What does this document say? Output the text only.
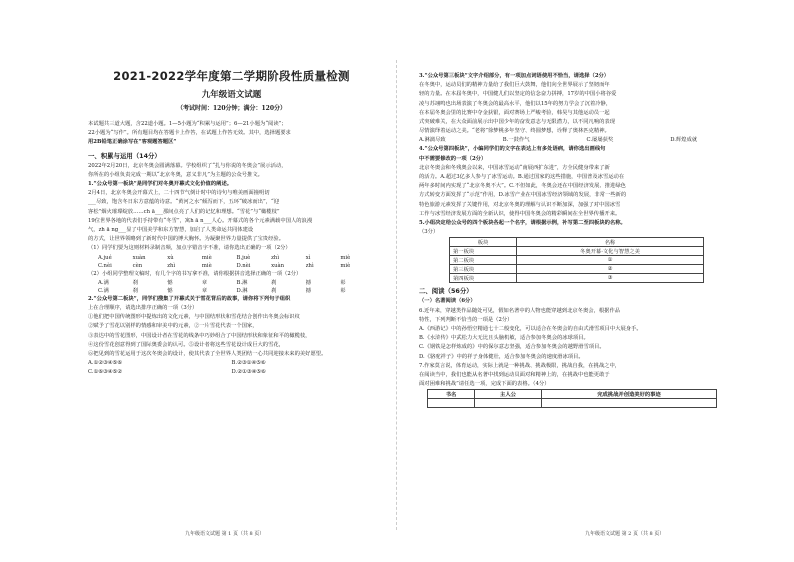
2021-2022学年度第二学期阶段性质量检测
九年级语文试题
（考试时间：120分钟；满分：120分）

本试题共三道大题，含22道小题。1—5小题为“积累与运用”；6—21小题为“阅读”；

22小题为“写作”。所有题目均在答题卡上作答，在试题上作答无效。其中，选择题要求

用2B铅笔正确涂写在“客观题答题区”

一、积累与运用（14分）

2022年2月20日，北京冬奥会圆满落幕。学校组织了“扎与你说的冬奥会”展示活动，

你所在的小组负责完成一期以“北京冬奥，意义非凡”为主题的公众号推文。

1.“公众号第一板块”是同学们对冬奥开幕式文化价值的阐述。

2月4日，北京冬奥会开幕式上，二十四节气倒计时中的诗句与唯美画面撞明切

___尽致，饱含冬日东方意蕴的诗意。“黄河之水”倾泻而下，五环“破冰而出”，“迎

客松”烟火璀璨绽放……ch ā___那间点亮了人们的记忆和理想。“雪花”与“橄榄枝”

19位世界各地的代表们手持带有“冬雪”，寓h ā n___人心。开幕式的各个元素满载中国人的浪漫

气，zh ā ng___显了中国美学和东方智慧，加启了人类命运共同体建设

的方式，让世界领略到了新时代中国的博大胸怀。为凝聚世界力量提供了宝贵经验。

（1）同学们要为这则材料录制音频，加点字错音字不准，请你选出正确的一项（2分）

A.jué	xuàn	xù	miè	B.juè	zhì	xì	miè
C.nèi	cèn	zhì	miè	D.nèi	xuàn	zhì	miè

（2）小组同学整理文稿时，有几个字的书写拿不准，请你根据拼音选择正确的一项（2分）

A.满	刹	憾	章	B.淋	刹	撼	彰
C.满	刹	憾	章	D.淋	刹	撼	彰

2.“公众号第二板块”，同学们搜集了开幕式关于雪花背后的故事，请你将下列句子组织

上在合理顺序，请选出排序正确的一项（3分）

①他们把中国传统图形中提炼出的文化元素，与中国结形状和雪花结合创作出冬奥会标识纹

②赋予了雪花以别样的情感和审美中的元素，②一片雪花代表一个国家，

③表达中的雪花图形，中国设计者在雪花的线条中巧妙组合了中国结形状和象征和平的橄榄枝，

④这份雪花创意得到了国际奥委会的认可。⑤设计者将这些雪花设计成巨大的雪花，

⑥把见到的雪花运用于这次冬奥会的设计，使其代表了全世界人类团结一心共同迎接未来的美好愿望。

A.①②③④⑤⑥	B.②③①④⑤⑥
C.①⑥③④⑤②	D.②①③④⑤⑥
九年级语文试题 第 1 页（共 8 页）

3.“公众号第三板块”文字介绍部分，有一项加点词语使用不恰当，请选择（2分）

在冬奥中，运动员们的精神力量给了我们巨大鼓舞，他们向全世界展示了坚韧而年

轻的力量。在本届冬奥中，中国健儿们以坚定的信念奋力拼搏，17岁的中国小将谷爱

凌与苏翊鸣也出场表演了冬奥会的最高水平，他们以15年的努力学会了沉着冷静，

在本届冬奥会里的比赛中夺金获银，面对赛场上严峻考验，韩昊与其他运动员一起

式突破难关，在大众面前展示出中国少年的奋发意志与无限潜力，以不同凡响的表现

尽情演绎着运动之美。“老将”徐梦桃多年坚守、终圆梦想，诠释了奥林匹克精神。

A.淋漓尽致	B.一鼓作气	C.屡屡获奖	D.辉煌成就

4.“公众号第四板块”，小编同学们的文字在表达上有多处语病，请你选出画线句

中不需要修改的一项（2分）

北京冬奥会和冬残奥会以来，中国冰雪运动“南展西扩东进”，方全民健身带来了新

的活力。A.超过3亿多人参与了冰雪运动。B.通过国家的这些措施，中国普及冰雪运动在

两年多时间内实现了“北京冬奥不大”。C.不但如此，冬奥会还在中国经济发展、推进绿色

方式转变方面发挥了“示范”作用，D.冰雪产业在中国冰雪经济领域的发展，非常一些新的

特色旅游元素发挥了关键作用，对北京冬奥的理解与认识不断加深，加强了对中国冰雪

工作与冰雪经济发展方面的全新认识，使得中国冬奥会的精彩瞬间在全世界传播开来。

5.小组决定给公众号的四个板块各起一个名字，请根据示例，补写第二至四板块的名称。

（3分）

板块	名称
第一板块	冬奥开幕·文化与智慧之美
第二板块	①
第三板块	②
第四板块	③
二、阅读（56分）

（一）名著阅读（6分）

6.近年来，穿越类作品随处可见，假如名著中的人物也能穿越到北京冬奥会，根据作品

特性，下列判断不恰当的一项是（2分）

A.《西游记》中的孙悟空精通七十二般变化，可以适合在冬奥会的自由式滑雪项目中大展身手。

B.《水浒传》中武松力大无比且头脑机敏，适合参加冬奥会的冰球项目。

C.《钢铁是怎样炼成的》中的保尔意志坚强，适合参加冬奥会的越野滑雪项目。

D.《骆驼祥子》中的祥子身体健壮，适合参加冬奥会的速度滑冰项目。

7.作家莫言说，体育运动，实际上就是一种挑战、挑战极限，挑战自我，在挑战之中，

在阅读当中，我们也能从名著中找到运动员面对和精神上的，在挑战中也能更敢于

面对困难和挑战”请任选一项，完成下面的表格。（4分）

书名	主人公	完成挑战并创造美好的事迹

九年级语文试题 第 2 页（共 8 页）
